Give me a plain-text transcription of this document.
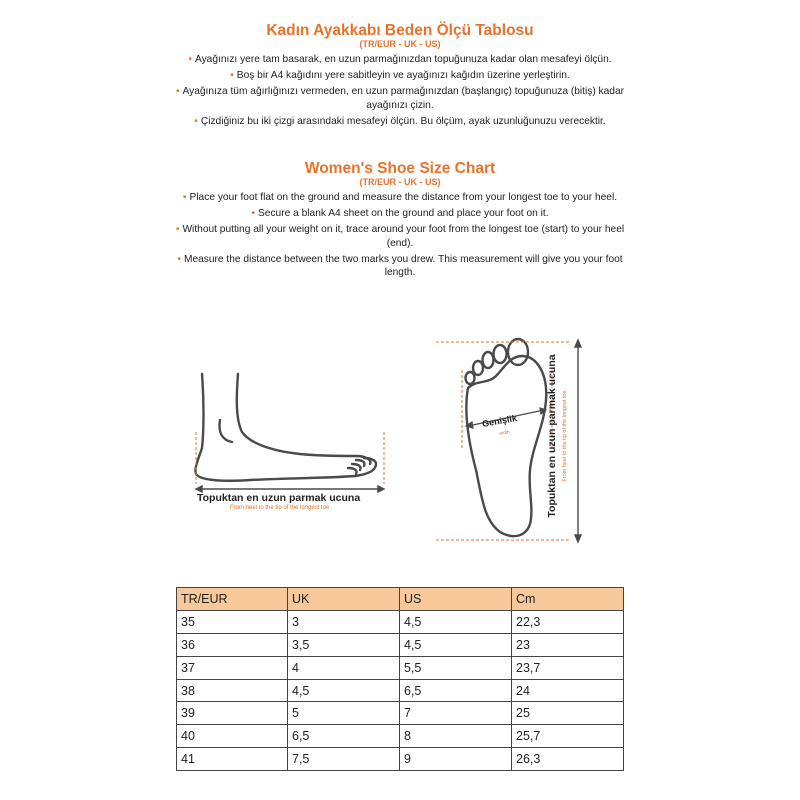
Kadın Ayakkabı Beden Ölçü Tablosu
(TR/EUR - UK - US)
• Ayağınızı yere tam basarak, en uzun parmağınızdan topuğunuza kadar olan mesafeyi ölçün.
• Boş bir A4 kağıdını yere sabitleyin ve ayağınızı kağıdın üzerine yerleştirin.
• Ayağınıza tüm ağırlığınızı vermeden, en uzun parmağınızdan (başlangıç) topuğunuza (bitiş) kadar ayağınızı çizin.
• Çizdiğiniz bu iki çizgi arasındaki mesafeyi ölçün. Bu ölçüm, ayak uzunluğunuzu verecektir.
Women's Shoe Size Chart
(TR/EUR - UK - US)
• Place your foot flat on the ground and measure the distance from your longest toe to your heel.
• Secure a blank A4 sheet on the ground and place your foot on it.
• Without putting all your weight on it, trace around your foot from the longest toe (start) to your heel (end).
• Measure the distance between the two marks you drew. This measurement will give you your foot length.
Topuktan en uzun parmak ucuna
From heel to the tip of the longest toe
Genişlik
width	Topuktan en uzun parmak ucuna From heel to the tip of the longest toe
TR/EUR	UK	US	Cm
35	3	4,5	22,3
36	3,5	4,5	23
37	4	5,5	23,7
38	4,5	6,5	24
39	5	7	25
40	6,5	8	25,7
41	7,5	9	26,3
